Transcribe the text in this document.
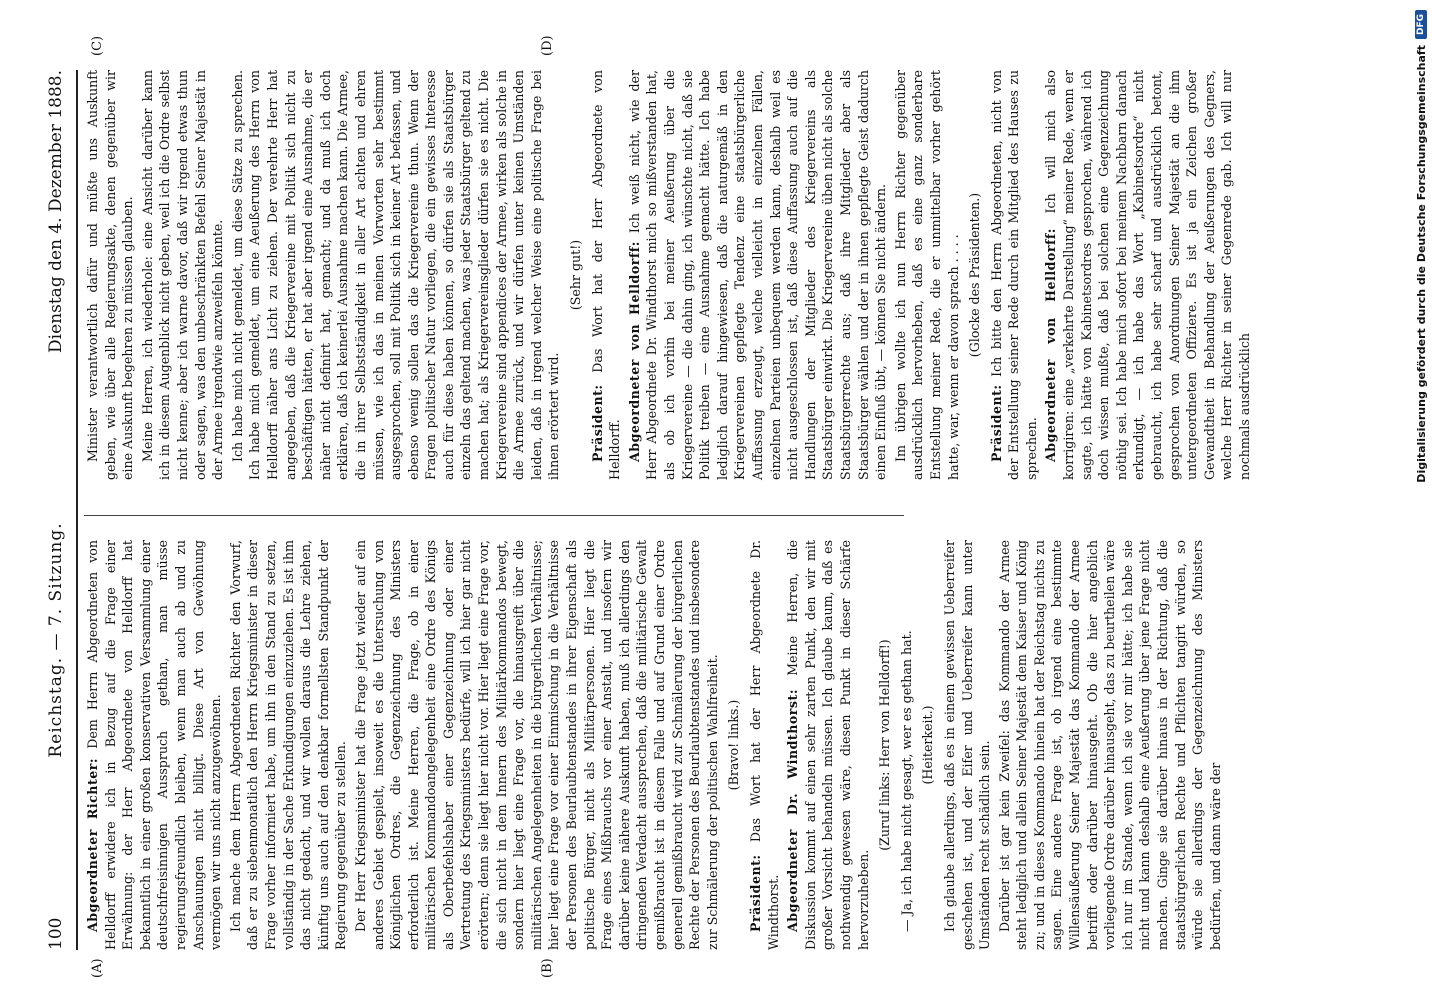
100
Reichstag. — 7. Sitzung.
Dienstag den 4. Dezember 1888.
(A)	(B)
(C)	(D)

Abgeordneter Richter: Dem Herrn Abgeordneten von Helldorff erwidere ich in Bezug auf die Frage einer Erwähnung: der Herr Abgeordnete von Helldorff hat bekanntlich in einer großen konservativen Versammlung einer deutschfreisinnigen Ausspruch gethan, man müsse regierungsfreundlich bleiben, wenn man auch ab und zu Anschauungen nicht billigt. Diese Art von Gewöhnung vermögen wir uns nicht anzugewöhnen. Ich mache dem Herrn Abgeordneten Richter den Vorwurf, daß er zu siebenmonatlich den Herrn Kriegsminister in dieser Frage vorher informiert habe, um ihn in den Stand zu setzen, vollständig in der Sache Erkundigungen einzuziehen. Es ist ihm das nicht gedacht, und wir wollen daraus die Lehre ziehen, künftig uns auch auf den denkbar formellsten Standpunkt der Regierung gegenüber zu stellen. Der Herr Kriegsminister hat die Frage jetzt wieder auf ein anderes Gebiet gespielt, insoweit es die Untersuchung von Königlichen Ordres, die Gegenzeichnung des Ministers erforderlich ist. Meine Herren, die Frage, ob in einer militärischen Kommandoangelegenheit eine Ordre des Königs als Oberbefehlshaber einer Gegenzeichnung oder einer Vertretung des Kriegsministers bedürfe, will ich hier gar nicht erörtern; denn sie liegt hier nicht vor. Hier liegt eine Frage vor, die sich nicht in dem Innern des Militärkommandos bewegt, sondern hier liegt eine Frage vor, die hinausgreift über die militärischen Angelegenheiten in die bürgerlichen Verhältnisse; hier liegt eine Frage vor einer Einmischung in die Verhältnisse der Personen des Beurlaubtenstandes in ihrer Eigenschaft als politische Bürger, nicht als Militärpersonen. Hier liegt die Frage eines Mißbrauchs vor einer Anstalt, und insofern wir darüber keine nähere Auskunft haben, muß ich allerdings den dringenden Verdacht aussprechen, daß die militärische Gewalt gemißbraucht ist in diesem Falle und auf Grund einer Ordre generell gemißbraucht wird zur Schmälerung der bürgerlichen Rechte der Personen des Beurlaubtenstandes und insbesondere zur Schmälerung der politischen Wahlfreiheit. (Bravo! links.)

Präsident: Das Wort hat der Herr Abgeordnete Dr. Windthorst. Abgeordneter Dr. Windthorst: Meine Herren, die Diskussion kommt auf einen sehr zarten Punkt, den wir mit großer Vorsicht behandeln müssen. Ich glaube kaum, daß es nothwendig gewesen wäre, diesen Punkt in dieser Schärfe hervorzuheben.

(Zuruf links: Herr von Helldorff!) — Ja, ich habe nicht gesagt, wer es gethan hat. (Heiterkeit.) Ich glaube allerdings, daß es in einem gewissen Ueberreifer geschehen ist, und der Eifer und Ueberreifer kann unter Umständen recht schädlich sein. Darüber ist gar kein Zweifel: das Kommando der Armee steht lediglich und allein Seiner Majestät dem Kaiser und König zu; und in dieses Kommando hinein hat der Reichstag nichts zu sagen. Eine andere Frage ist, ob irgend eine bestimmte Willensäußerung Seiner Majestät das Kommando der Armee betrifft oder darüber hinausgeht. Ob die hier angeblich vorliegende Ordre darüber hinausgeht, das zu beurtheilen wäre ich nur im Stande, wenn ich sie vor mir hätte; ich habe sie nicht und kann deshalb eine Aeußerung über jene Frage nicht machen. Ginge sie darüber hinaus in der Richtung, daß die staatsbürgerlichen Rechte und Pflichten tangirt würden, so würde sie allerdings der Gegenzeichnung des Ministers bedürfen, und dann wäre der

Minister verantwortlich dafür und müßte uns Auskunft geben, wie über alle Regierungsakte, denen gegenüber wir eine Auskunft begehren zu müssen glauben. Meine Herren, ich wiederhole: eine Ansicht darüber kann ich in diesem Augenblick nicht geben, weil ich die Ordre selbst nicht kenne; aber ich warne davor, daß wir irgend etwas thun oder sagen, was den unbeschränkten Befehl Seiner Majestät in der Armee irgendwie anzweifeln könnte. Ich habe mich nicht gemeldet, um diese Sätze zu sprechen. Ich habe mich gemeldet, um eine Aeußerung des Herrn von Helldorff näher ans Licht zu ziehen. Der verehrte Herr hat angegeben, daß die Kriegervereine mit Politik sich nicht zu beschäftigen hätten, er hat aber irgend eine Ausnahme, die er näher nicht definirt hat, gemacht; und da muß ich doch erklären, daß ich keinerlei Ausnahme machen kann. Die Armee, die in ihrer Selbstständigkeit in aller Art achten und ehren müssen, wie ich das in meinen Vorworten sehr bestimmt ausgesprochen, soll mit Politik sich in keiner Art befassen, und ebenso wenig sollen das die Kriegervereine thun. Wenn der Fragen politischer Natur vorliegen, die ein gewisses Interesse auch für diese haben können, so dürfen sie als Staatsbürger einzeln das geltend machen, was jeder Staatsbürger geltend zu machen hat; als Kriegervereinsglieder dürfen sie es nicht. Die Kriegervereine sind appendices der Armee, wirken als solche in die Armee zurück, und wir dürfen unter keinen Umständen leiden, daß in irgend welcher Weise eine politische Frage bei ihnen erörtert wird.

(Sehr gut!)

Präsident: Das Wort hat der Herr Abgeordnete von Helldorff. Abgeordneter von Helldorff: Ich weiß nicht, wie der Herr Abgeordnete Dr. Windthorst mich so mißverstanden hat, als ob ich vorhin bei meiner Aeußerung über die Kriegervereine — die dahin ging, ich wünschte nicht, daß sie Politik treiben — eine Ausnahme gemacht hätte. Ich habe lediglich darauf hingewiesen, daß die naturgemäß in den Kriegervereinen gepflegte Tendenz eine staatsbürgerliche Auffassung erzeugt, welche vielleicht in einzelnen Fällen, einzelnen Parteien unbequem werden kann, deshalb weil es nicht ausgeschlossen ist, daß diese Auffassung auch auf die Handlungen der Mitglieder des Kriegervereins als Staatsbürger einwirkt. Die Kriegervereine üben nicht als solche Staatsbürgerrechte aus; daß ihre Mitglieder aber als Staatsbürger wählen und der in ihnen gepflegte Geist dadurch einen Einfluß übt, — können Sie nicht ändern. Im übrigen wollte ich nun Herrn Richter gegenüber ausdrücklich hervorheben, daß es eine ganz sonderbare Entstellung meiner Rede, die er unmittelbar vorher gehört hatte, war, wenn er davon sprach . . . . (Glocke des Präsidenten.)

Präsident: Ich bitte den Herrn Abgeordneten, nicht von der Entstellung seiner Rede durch ein Mitglied des Hauses zu sprechen. Abgeordneter von Helldorff: Ich will mich also korrigiren: eine „verkehrte Darstellung“ meiner Rede, wenn er sagte, ich hätte von Kabinetsordres gesprochen, während ich doch wissen mußte, daß bei solchen eine Gegenzeichnung nöthig sei. Ich habe mich sofort bei meinem Nachbarn danach erkundigt, — ich habe das Wort „Kabinetsordre“ nicht gebraucht, ich habe sehr scharf und ausdrücklich betont, gesprochen von Anordnungen Seiner Majestät an die ihm untergeordneten Offiziere. Es ist ja ein Zeichen großer Gewandtheit in Behandlung der Aeußerungen des Gegners, welche Herr Richter in seiner Gegenrede gab. Ich will nur nochmals ausdrücklich	Digitalisierung gefördert durch die Deutsche Forschungsgemeinschaft
DFG
